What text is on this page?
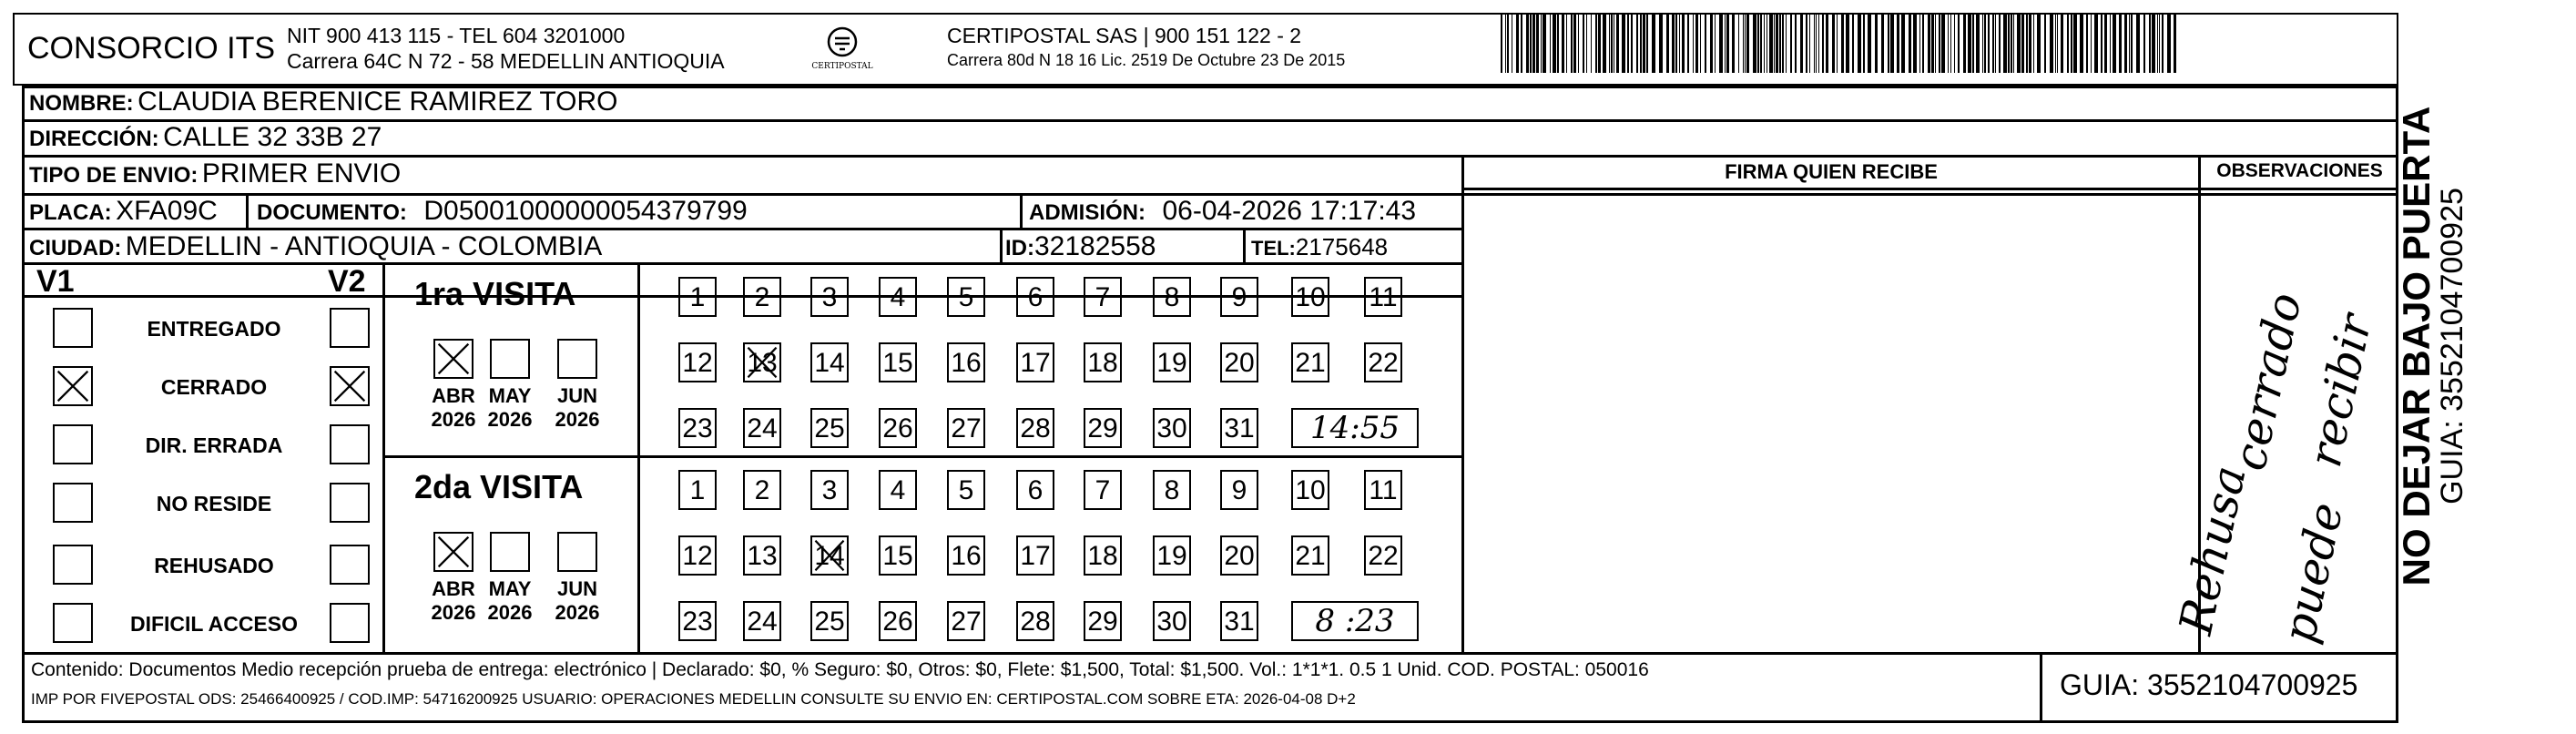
CONSORCIO ITS NIT 900 413 115 - TEL 604 3201000
Carrera 64C N 72 - 58 MEDELLIN ANTIOQUIA	CERTIPOSTAL
CERTIPOSTAL SAS | 900 151 122 - 2
Carrera 80d N 18 16 Lic. 2519 De Octubre 23 De 2015
NOMBRE: CLAUDIA BERENICE RAMIREZ TORO
DIRECCIÓN: CALLE 32 33B 27
TIPO DE ENVIO: PRIMER ENVIO
PLACA: XFA09C DOCUMENTO: D05001000000054379799	ADMISIÓN: 06-04-2026 17:17:43
CIUDAD: MEDELLIN - ANTIOQUIA - COLOMBIA	ID:32182558	TEL:2175648
FIRMA QUIEN RECIBE	OBSERVACIONES
cerrado
Rehusa
recibir
puede
V1	V2
ENTREGADO
CERRADO
DIR. ERRADA
NO RESIDE
REHUSADO
DIFICIL ACCESO
1ra VISITA
ABR
2026
MAY
2026
JUN
2026
1	2	3	4	5	6	7	8	9	10 11
12 13 14 15 16 17 18 19 20 21 22
23 24 25 26 27 28 29 30 31	14:55
2da VISITA
ABR
2026
MAY
2026
JUN
2026
1	2	3	4	5	6	7	8	9	10 11
12 13 14 15 16 17 18 19 20 21 22
23 24 25 26 27 28 29 30 31	8 :23
NO DEJAR BAJO PUERTA
GUIA: 3552104700925
Contenido: Documentos Medio recepción prueba de entrega: electrónico | Declarado: $0, % Seguro: $0, Otros: $0, Flete: $1,500, Total: $1,500. Vol.: 1*1*1. 0.5 1 Unid. COD. POSTAL: 050016
IMP POR FIVEPOSTAL ODS: 25466400925 / COD.IMP: 54716200925 USUARIO: OPERACIONES MEDELLIN CONSULTE SU ENVIO EN: CERTIPOSTAL.COM SOBRE ETA: 2026-04-08 D+2	GUIA: 3552104700925
